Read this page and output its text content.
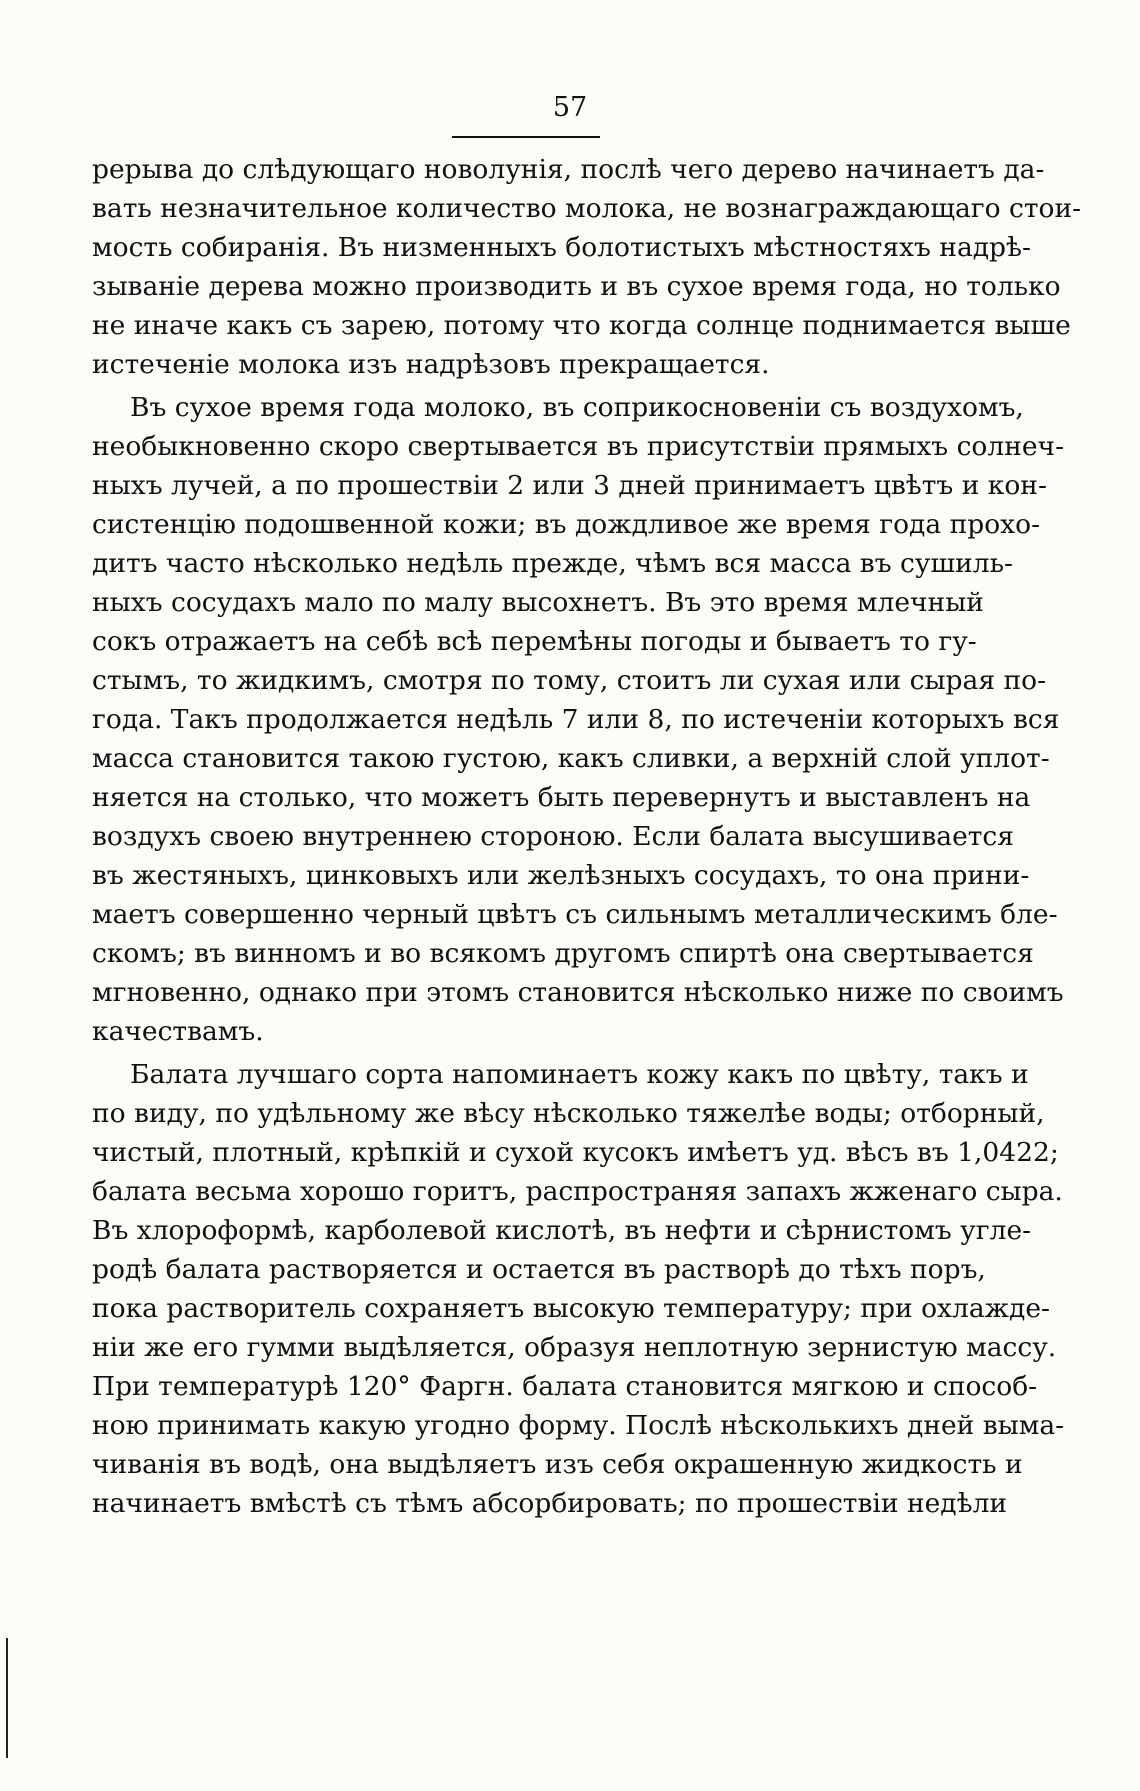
57
рерыва до слѣдующаго новолунія, послѣ чего дерево начинаетъ да-
вать незначительное количество молока, не вознаграждающаго стои-
мость собиранія. Въ низменныхъ болотистыхъ мѣстностяхъ надрѣ-
зываніе дерева можно производить и въ сухое время года, но только
не иначе какъ съ зарею, потому что когда солнце поднимается выше
истеченіе молока изъ надрѣзовъ прекращается.
Въ сухое время года молоко, въ соприкосновеніи съ воздухомъ,
необыкновенно скоро свертывается въ присутствіи прямыхъ солнеч-
ныхъ лучей, а по прошествіи 2 или 3 дней принимаетъ цвѣтъ и кон-
систенцію подошвенной кожи; въ дождливое же время года прохо-
дитъ часто нѣсколько недѣль прежде, чѣмъ вся масса въ сушиль-
ныхъ сосудахъ мало по малу высохнетъ. Въ это время млечный
сокъ отражаетъ на себѣ всѣ перемѣны погоды и бываетъ то гу-
стымъ, то жидкимъ, смотря по тому, стоитъ ли сухая или сырая по-
года. Такъ продолжается недѣль 7 или 8, по истеченіи которыхъ вся
масса становится такою густою, какъ сливки, а верхній слой уплот-
няется на столько, что можетъ быть перевернутъ и выставленъ на
воздухъ своею внутреннею стороною. Если балата высушивается
въ жестяныхъ, цинковыхъ или желѣзныхъ сосудахъ, то она прини-
маетъ совершенно черный цвѣтъ съ сильнымъ металлическимъ бле-
скомъ; въ винномъ и во всякомъ другомъ спиртѣ она свертывается
мгновенно, однако при этомъ становится нѣсколько ниже по своимъ
качествамъ.
Балата лучшаго сорта напоминаетъ кожу какъ по цвѣту, такъ и
по виду, по удѣльному же вѣсу нѣсколько тяжелѣе воды; отборный,
чистый, плотный, крѣпкій и сухой кусокъ имѣетъ уд. вѣсъ въ 1,0422;
балата весьма хорошо горитъ, распространяя запахъ жженаго сыра.
Въ хлороформѣ, карболевой кислотѣ, въ нефти и сѣрнистомъ угле-
родѣ балата растворяется и остается въ растворѣ до тѣхъ поръ,
пока растворитель сохраняетъ высокую температуру; при охлажде-
ніи же его гумми выдѣляется, образуя неплотную зернистую массу.
При температурѣ 120° Фаргн. балата становится мягкою и способ-
ною принимать какую угодно форму. Послѣ нѣсколькихъ дней выма-
чиванія въ водѣ, она выдѣляетъ изъ себя окрашенную жидкость и
начинаетъ вмѣстѣ съ тѣмъ абсорбировать; по прошествіи недѣли
